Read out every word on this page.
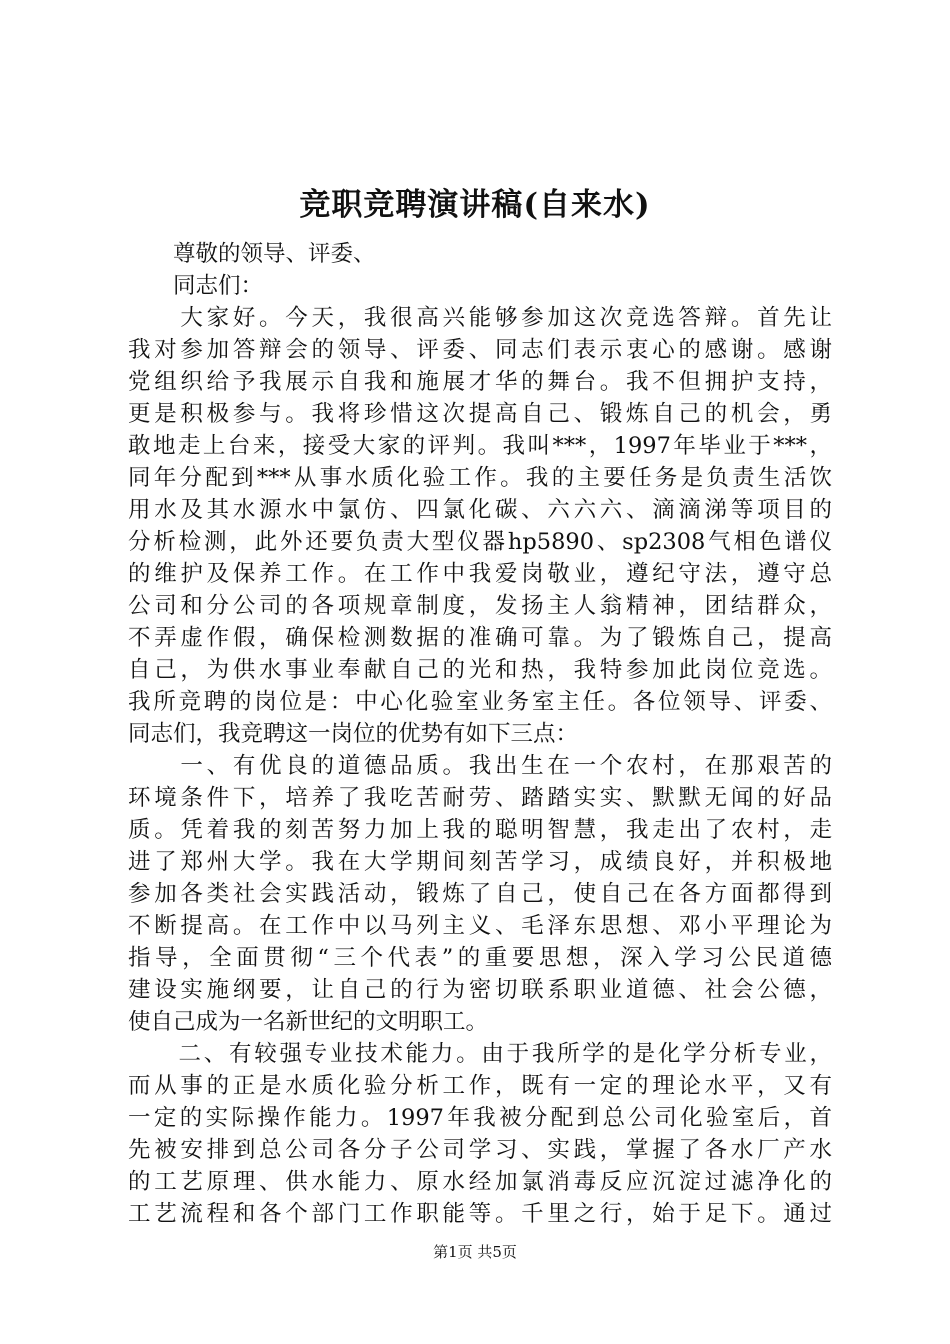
竞职竞聘演讲稿(自来水)
　　尊敬的领导、评委、
　　同志们：
　　大家好。今天，我很高兴能够参加这次竞选答辩。首先让
我对参加答辩会的领导、评委、同志们表示衷心的感谢。感谢
党组织给予我展示自我和施展才华的舞台。我不但拥护支持，
更是积极参与。我将珍惜这次提高自己、锻炼自己的机会，勇
敢地走上台来，接受大家的评判。我叫***，1997年毕业于***，
同年分配到***从事水质化验工作。我的主要任务是负责生活饮
用水及其水源水中氯仿、四氯化碳、六六六、滴滴涕等项目的
分析检测，此外还要负责大型仪器hp5890、sp2308气相色谱仪
的维护及保养工作。在工作中我爱岗敬业，遵纪守法，遵守总
公司和分公司的各项规章制度，发扬主人翁精神，团结群众，
不弄虚作假，确保检测数据的准确可靠。为了锻炼自己，提高
自己，为供水事业奉献自己的光和热，我特参加此岗位竞选。
我所竞聘的岗位是：中心化验室业务室主任。各位领导、评委、
同志们，我竞聘这一岗位的优势有如下三点：
　　一、有优良的道德品质。我出生在一个农村，在那艰苦的
环境条件下，培养了我吃苦耐劳、踏踏实实、默默无闻的好品
质。凭着我的刻苦努力加上我的聪明智慧，我走出了农村，走
进了郑州大学。我在大学期间刻苦学习，成绩良好，并积极地
参加各类社会实践活动，锻炼了自己，使自己在各方面都得到
不断提高。在工作中以马列主义、毛泽东思想、邓小平理论为
指导，全面贯彻“三个代表”的重要思想，深入学习公民道德
建设实施纲要，让自己的行为密切联系职业道德、社会公德，
使自己成为一名新世纪的文明职工。
　　二、有较强专业技术能力。由于我所学的是化学分析专业，
而从事的正是水质化验分析工作，既有一定的理论水平，又有
一定的实际操作能力。1997年我被分配到总公司化验室后，首
先被安排到总公司各分子公司学习、实践，掌握了各水厂产水
的工艺原理、供水能力、原水经加氯消毒反应沉淀过滤净化的
工艺流程和各个部门工作职能等。千里之行，始于足下。通过
第1页 共5页
